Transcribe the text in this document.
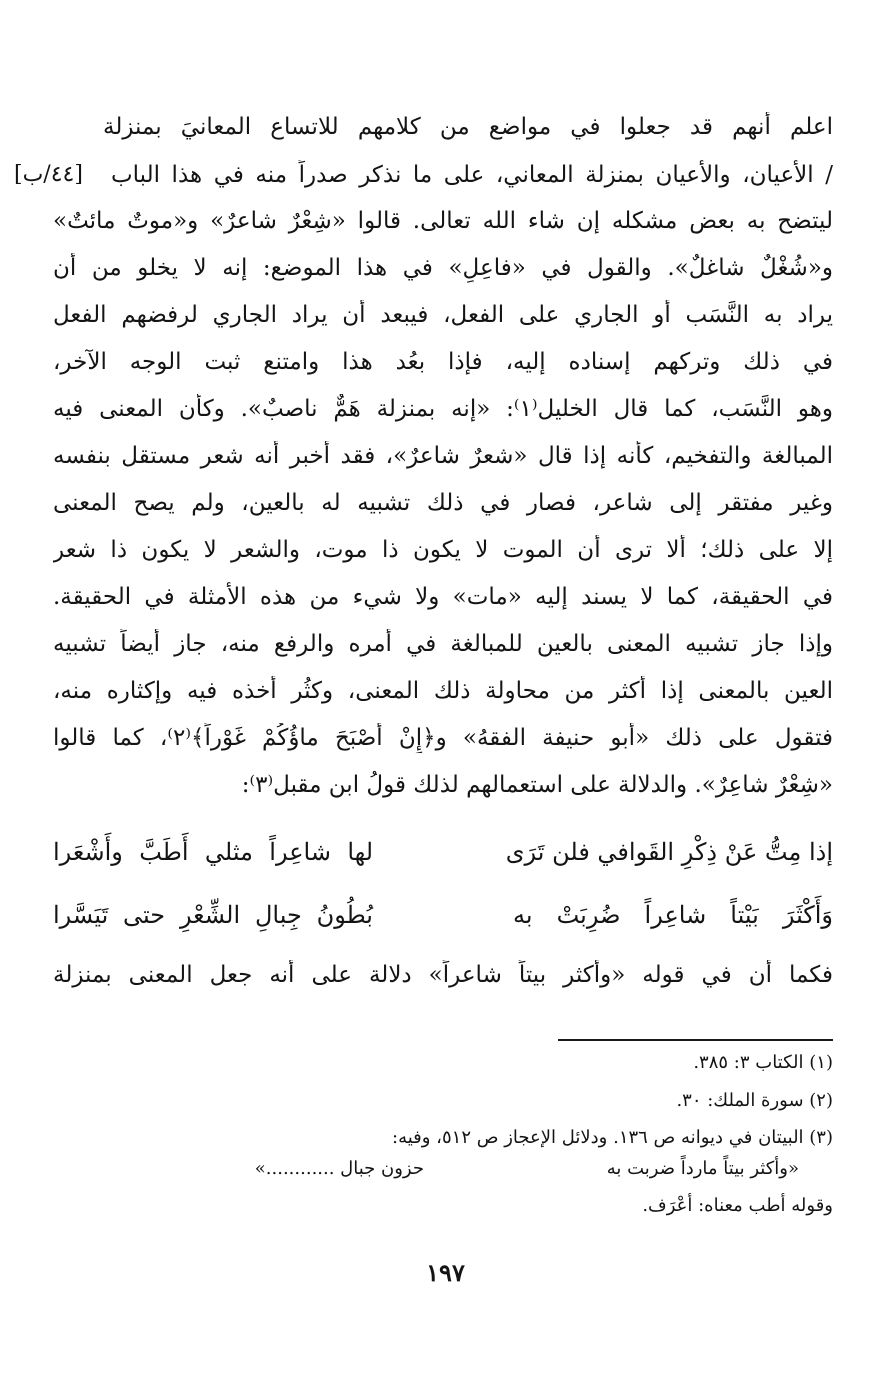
[٤٤/ب]
اعلم أنهم قد جعلوا في مواضع من كلامهم للاتساع المعانيَ بمنزلة
/ الأعيان، والأعيان بمنزلة المعاني، على ما نذكر صدراً منه في هذا الباب
ليتضح به بعض مشكله إن شاء الله تعالى. قالوا «شِعْرٌ شاعرٌ» و«موتٌ مائتٌ»
و«شُغْلٌ شاغلٌ». والقول في «فاعِلٍ» في هذا الموضع: إنه لا يخلو من أن
يراد به النَّسَب أو الجاري على الفعل، فيبعد أن يراد الجاري لرفضهم الفعل
في ذلك وتركهم إسناده إليه، فإذا بعُد هذا وامتنع ثبت الوجه الآخر،
وهو النَّسَب، كما قال الخليل⁽١⁾: «إنه بمنزلة هَمٌّ ناصبٌ». وكأن المعنى فيه
المبالغة والتفخيم، كأنه إذا قال «شعرٌ شاعرٌ»، فقد أخبر أنه شعر مستقل بنفسه
وغير مفتقر إلى شاعر، فصار في ذلك تشبيه له بالعين، ولم يصح المعنى
إلا على ذلك؛ ألا ترى أن الموت لا يكون ذا موت، والشعر لا يكون ذا شعر
في الحقيقة، كما لا يسند إليه «مات» ولا شيء من هذه الأمثلة في الحقيقة.
وإذا جاز تشبيه المعنى بالعين للمبالغة في أمره والرفع منه، جاز أيضاً تشبيه
العين بالمعنى إذا أكثر من محاولة ذلك المعنى، وكثُر أخذه فيه وإكثاره منه،
فتقول على ذلك «أبو حنيفة الفقهُ» و﴿إِنْ أَصْبَحَ ماؤُكُمْ غَوْراً﴾⁽٢⁾، كما قالوا
«شِعْرٌ شاعِرٌ». والدلالة على استعمالهم لذلك قولُ ابن مقبل⁽٣⁾:
إذا مِتُّ عَنْ ذِكْرِ القَوافي فلن تَرَى
لها شاعِراً مثلي أَطَبَّ وأَشْعَرا
وَأَكْثَرَ بَيْتاً شاعِراً ضُرِبَتْ به
بُطُونُ جِبالِ الشِّعْرِ حتى تَيَسَّرا
فكما أن في قوله «وأكثر بيتاً شاعراً» دلالة على أنه جعل المعنى بمنزلة
(١) الكتاب ٣: ٣٨٥.
(٢) سورة الملك: ٣٠.
(٣) البيتان في ديوانه ص ١٣٦. ودلائل الإعجاز ص ٥١٢، وفيه:
«وأكثر بيتاً مارداً ضربت به
حزون جبال ............»
وقوله أطب معناه: أعْرَف.
١٩٧
